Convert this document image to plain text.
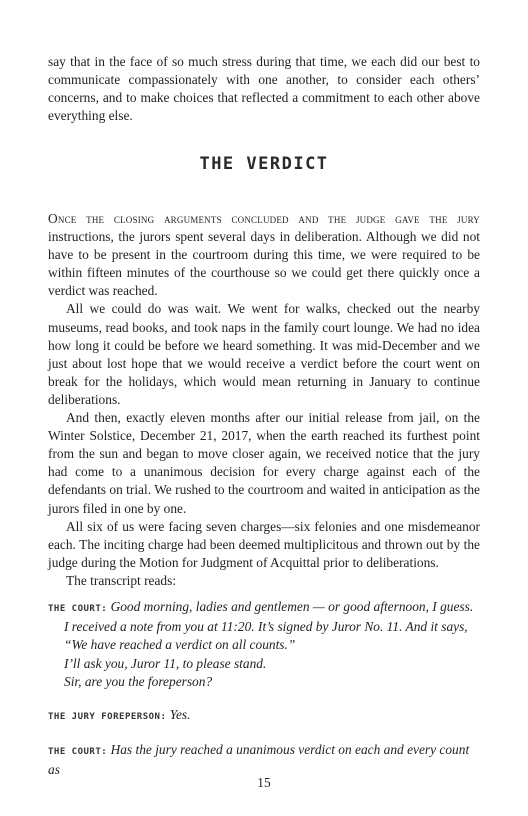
say that in the face of so much stress during that time, we each did our best to communicate compassionately with one another, to consider each others’ concerns, and to make choices that reflected a commitment to each other above everything else.

THE VERDICT

Once the closing arguments concluded and the judge gave the jury instructions, the jurors spent several days in deliberation. Although we did not have to be present in the courtroom during this time, we were required to be within fifteen minutes of the courthouse so we could get there quickly once a verdict was reached.

All we could do was wait. We went for walks, checked out the nearby museums, read books, and took naps in the family court lounge. We had no idea how long it could be before we heard something. It was mid-December and we just about lost hope that we would receive a verdict before the court went on break for the holidays, which would mean returning in January to continue deliberations.

And then, exactly eleven months after our initial release from jail, on the Winter Solstice, December 21, 2017, when the earth reached its furthest point from the sun and began to move closer again, we received notice that the jury had come to a unanimous decision for every charge against each of the defendants on trial. We rushed to the courtroom and waited in anticipation as the jurors filed in one by one.

All six of us were facing seven charges—six felonies and one misdemeanor each. The inciting charge had been deemed multiplicitous and thrown out by the judge during the Motion for Judgment of Acquittal prior to deliberations.

The transcript reads:

THE COURT: Good morning, ladies and gentlemen — or good afternoon, I guess.
I received a note from you at 11:20. It’s signed by Juror No. 11. And it says,
“We have reached a verdict on all counts.”
I’ll ask you, Juror 11, to please stand.
Sir, are you the foreperson?
THE JURY FOREPERSON: Yes.
THE COURT: Has the jury reached a unanimous verdict on each and every count as
15
